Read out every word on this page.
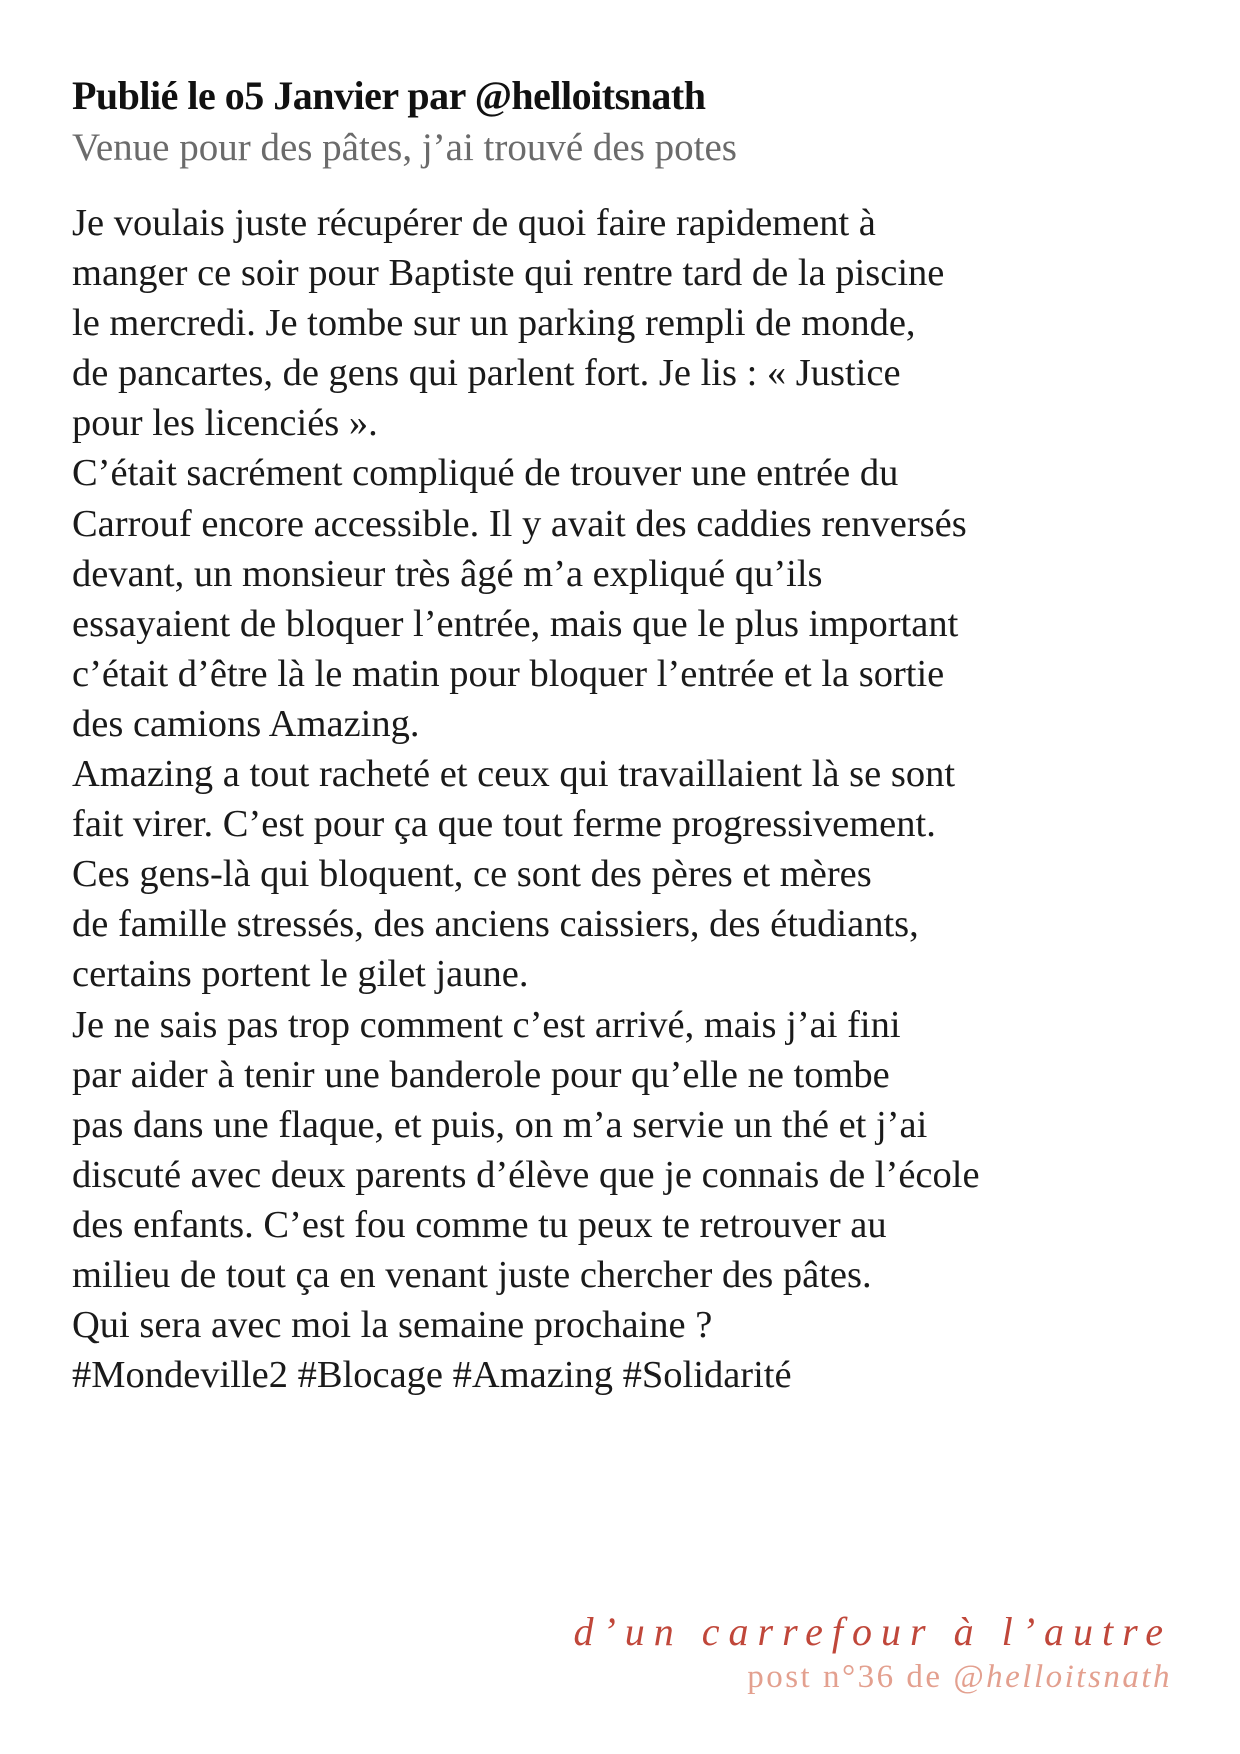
Publié le o5 Janvier par @helloitsnath
Venue pour des pâtes, j’ai trouvé des potes
Je voulais juste récupérer de quoi faire rapidement à
manger ce soir pour Baptiste qui rentre tard de la piscine
le mercredi. Je tombe sur un parking rempli de monde,
de pancartes, de gens qui parlent fort. Je lis : « Justice
pour les licenciés ».
C’était sacrément compliqué de trouver une entrée du
Carrouf encore accessible. Il y avait des caddies renversés
devant, un monsieur très âgé m’a expliqué qu’ils
essayaient de bloquer l’entrée, mais que le plus important
c’était d’être là le matin pour bloquer l’entrée et la sortie
des camions Amazing.
Amazing a tout racheté et ceux qui travaillaient là se sont
fait virer. C’est pour ça que tout ferme progressivement.
Ces gens-là qui bloquent, ce sont des pères et mères
de famille stressés, des anciens caissiers, des étudiants,
certains portent le gilet jaune.
Je ne sais pas trop comment c’est arrivé, mais j’ai fini
par aider à tenir une banderole pour qu’elle ne tombe
pas dans une flaque, et puis, on m’a servie un thé et j’ai
discuté avec deux parents d’élève que je connais de l’école
des enfants. C’est fou comme tu peux te retrouver au
milieu de tout ça en venant juste chercher des pâtes.
Qui sera avec moi la semaine prochaine ?
#Mondeville2 #Blocage #Amazing #Solidarité
d’un carrefour à l’autre
post n°36 de @helloitsnath
